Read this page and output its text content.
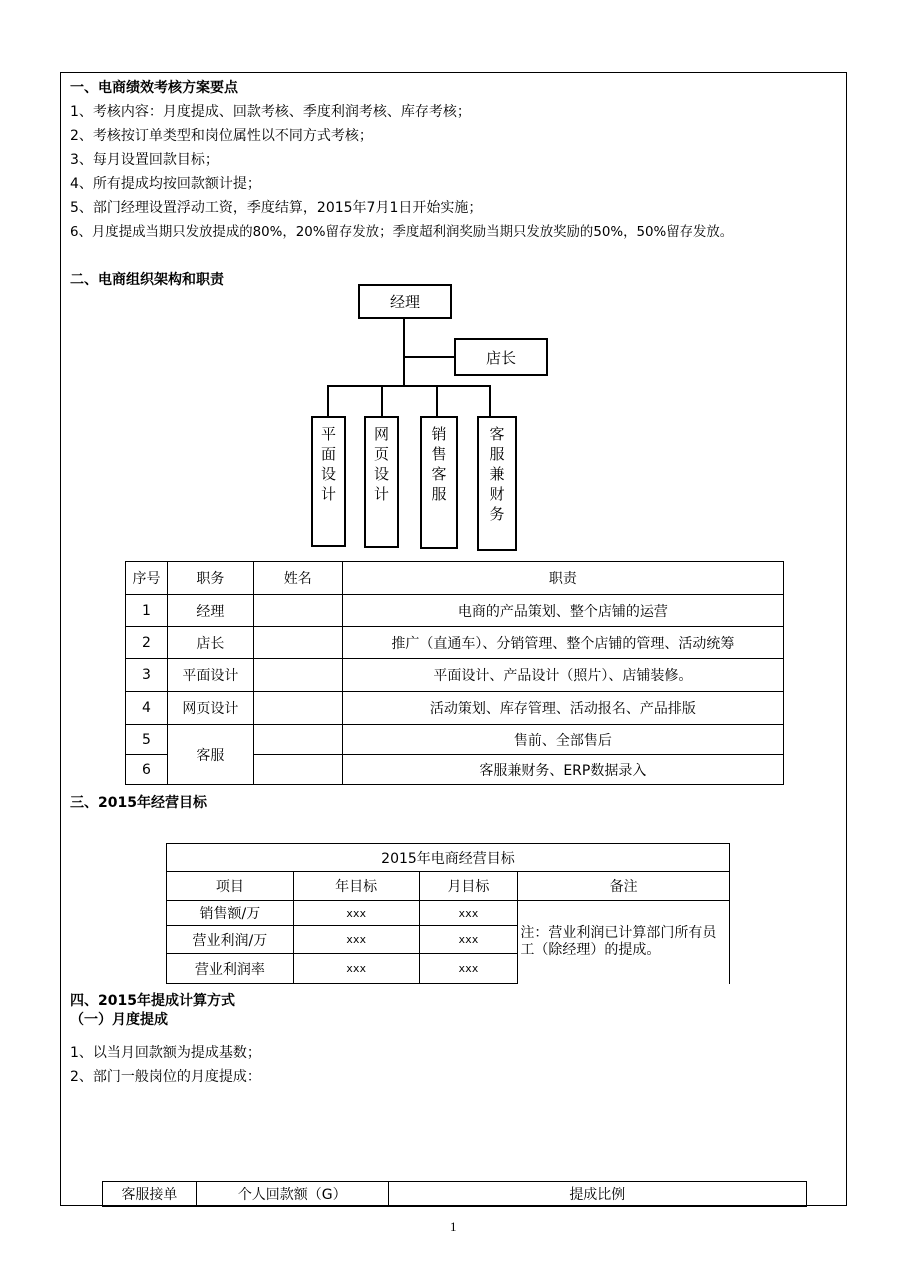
一、电商绩效考核方案要点
1、考核内容：月度提成、回款考核、季度利润考核、库存考核；
2、考核按订单类型和岗位属性以不同方式考核；
3、每月设置回款目标；
4、所有提成均按回款额计提；
5、部门经理设置浮动工资，季度结算，2015年7月1日开始实施；
6、月度提成当期只发放提成的80%，20%留存发放；季度超利润奖励当期只发放奖励的50%，50%留存发放。
二、电商组织架构和职责
经理
店长
平面设计
网页设计
销售客服
客服兼财务
序号	职务	姓名	职责
1	经理		电商的产品策划、整个店铺的运营
2	店长		推广（直通车）、分销管理、整个店铺的管理、活动统筹
3	平面设计		平面设计、产品设计（照片）、店铺装修。
4	网页设计		活动策划、库存管理、活动报名、产品排版
5	客服		售前、全部售后
6			客服兼财务、ERP数据录入
三、2015年经营目标
2015年电商经营目标			
项目	年目标	月目标	备注
销售额/万	xxx	xxx	注：营业利润已计算部门所有员工（除经理）的提成。
营业利润/万	xxx	xxx	
营业利润率	xxx	xxx	
四、2015年提成计算方式
（一）月度提成
1、以当月回款额为提成基数；
2、部门一般岗位的月度提成：
客服接单	个人回款额（G）	提成比例
1
